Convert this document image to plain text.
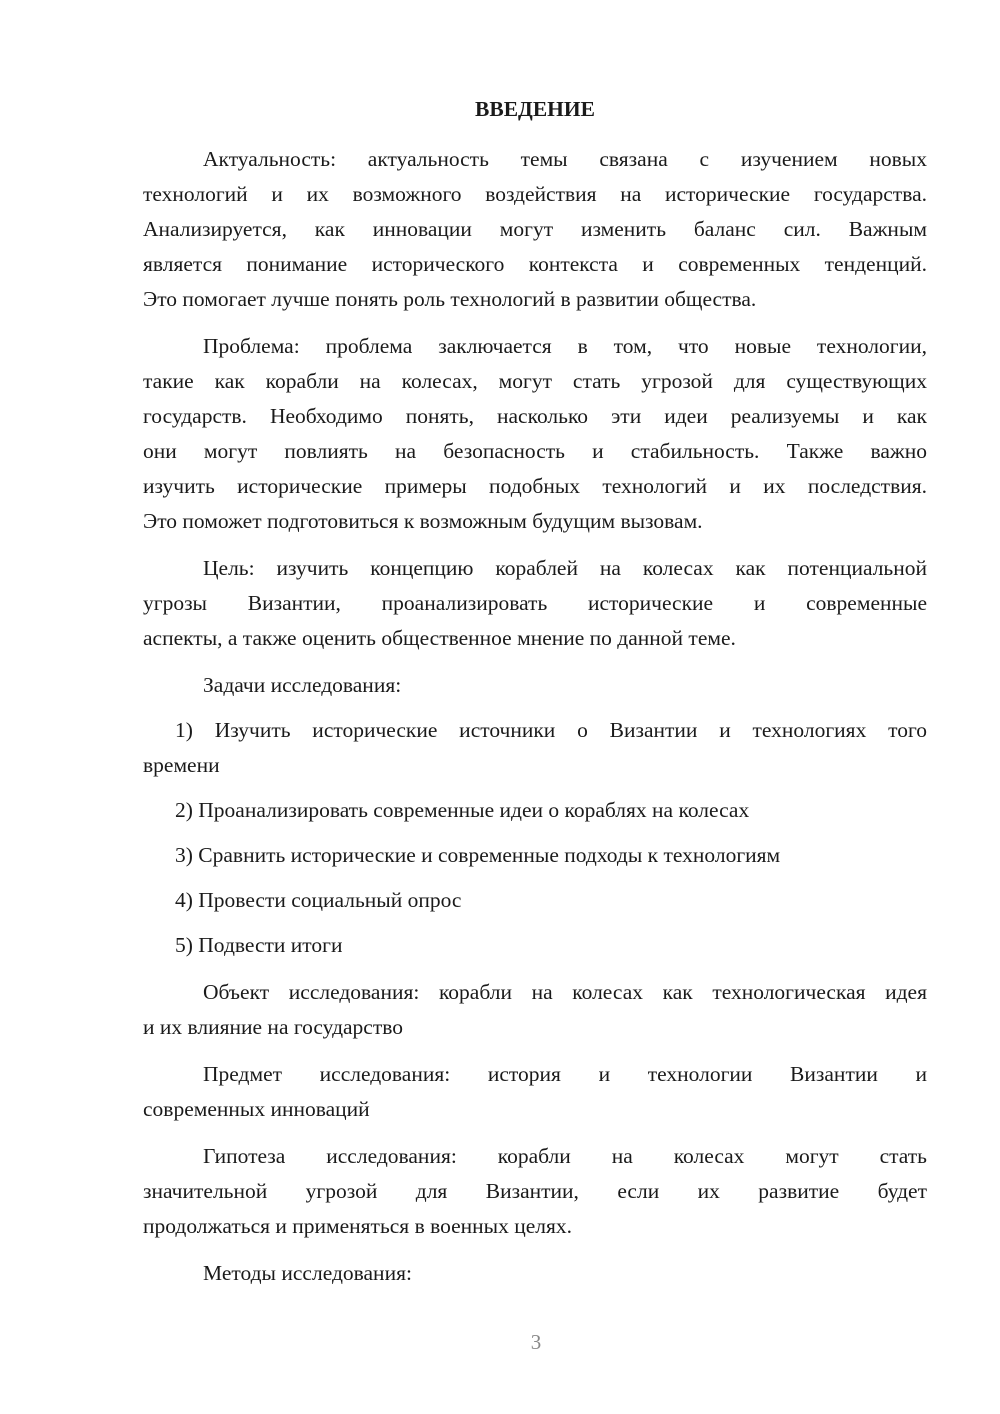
ВВЕДЕНИЕ
Актуальность: актуальность темы связана с изучением новых
технологий и их возможного воздействия на исторические государства.
Анализируется, как инновации могут изменить баланс сил. Важным
является понимание исторического контекста и современных тенденций.
Это помогает лучше понять роль технологий в развитии общества.
Проблема: проблема заключается в том, что новые технологии,
такие как корабли на колесах, могут стать угрозой для существующих
государств. Необходимо понять, насколько эти идеи реализуемы и как
они могут повлиять на безопасность и стабильность. Также важно
изучить исторические примеры подобных технологий и их последствия.
Это поможет подготовиться к возможным будущим вызовам.
Цель: изучить концепцию кораблей на колесах как потенциальной
угрозы Византии, проанализировать исторические и современные
аспекты, а также оценить общественное мнение по данной теме.
Задачи исследования:
1) Изучить исторические источники о Византии и технологиях того
времени
2) Проанализировать современные идеи о кораблях на колесах
3) Сравнить исторические и современные подходы к технологиям
4) Провести социальный опрос
5) Подвести итоги
Объект исследования: корабли на колесах как технологическая идея
и их влияние на государство
Предмет исследования: история и технологии Византии и
современных инноваций
Гипотеза исследования: корабли на колесах могут стать
значительной угрозой для Византии, если их развитие будет
продолжаться и применяться в военных целях.
Методы исследования:
3
